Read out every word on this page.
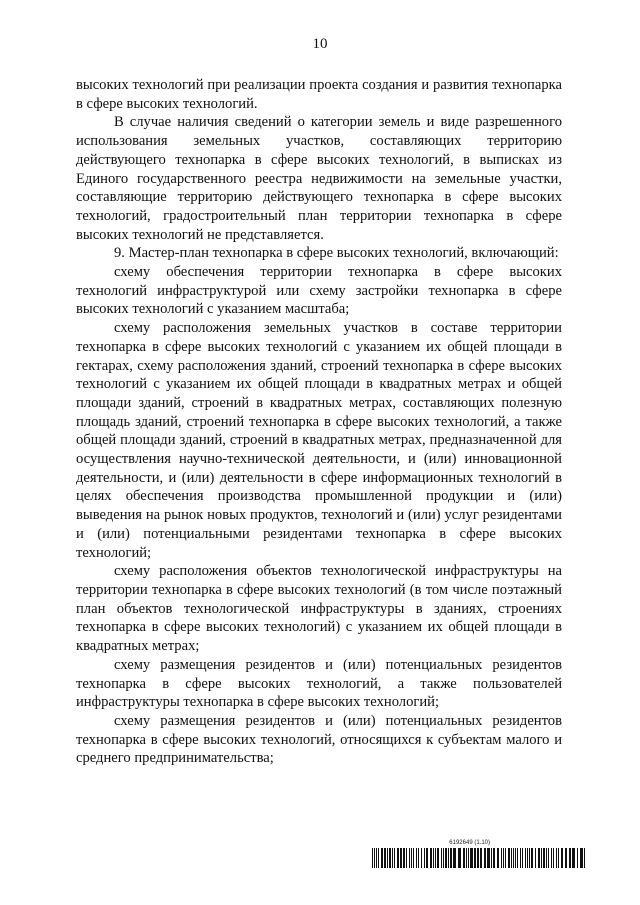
10

высоких технологий при реализации проекта создания и развития технопарка в сфере высоких технологий.

В случае наличия сведений о категории земель и виде разрешенного использования земельных участков, составляющих территорию действующего технопарка в сфере высоких технологий, в выписках из Единого государственного реестра недвижимости на земельные участки, составляющие территорию действующего технопарка в сфере высоких технологий, градостроительный план территории технопарка в сфере высоких технологий не представляется.

9. Мастер-план технопарка в сфере высоких технологий, включающий:

схему обеспечения территории технопарка в сфере высоких технологий инфраструктурой или схему застройки технопарка в сфере высоких технологий с указанием масштаба;

схему расположения земельных участков в составе территории технопарка в сфере высоких технологий с указанием их общей площади в гектарах, схему расположения зданий, строений технопарка в сфере высоких технологий с указанием их общей площади в квадратных метрах и общей площади зданий, строений в квадратных метрах, составляющих полезную площадь зданий, строений технопарка в сфере высоких технологий, а также общей площади зданий, строений в квадратных метрах, предназначенной для осуществления научно-технической деятельности, и (или) инновационной деятельности, и (или) деятельности в сфере информационных технологий в целях обеспечения производства промышленной продукции и (или) выведения на рынок новых продуктов, технологий и (или) услуг резидентами и (или) потенциальными резидентами технопарка в сфере высоких технологий;

схему расположения объектов технологической инфраструктуры на территории технопарка в сфере высоких технологий (в том числе поэтажный план объектов технологической инфраструктуры в зданиях, строениях технопарка в сфере высоких технологий) с указанием их общей площади в квадратных метрах;

схему размещения резидентов и (или) потенциальных резидентов технопарка в сфере высоких технологий, а также пользователей инфраструктуры технопарка в сфере высоких технологий;

схему размещения резидентов и (или) потенциальных резидентов технопарка в сфере высоких технологий, относящихся к субъектам малого и среднего предпринимательства;

6192649 (1.10)
